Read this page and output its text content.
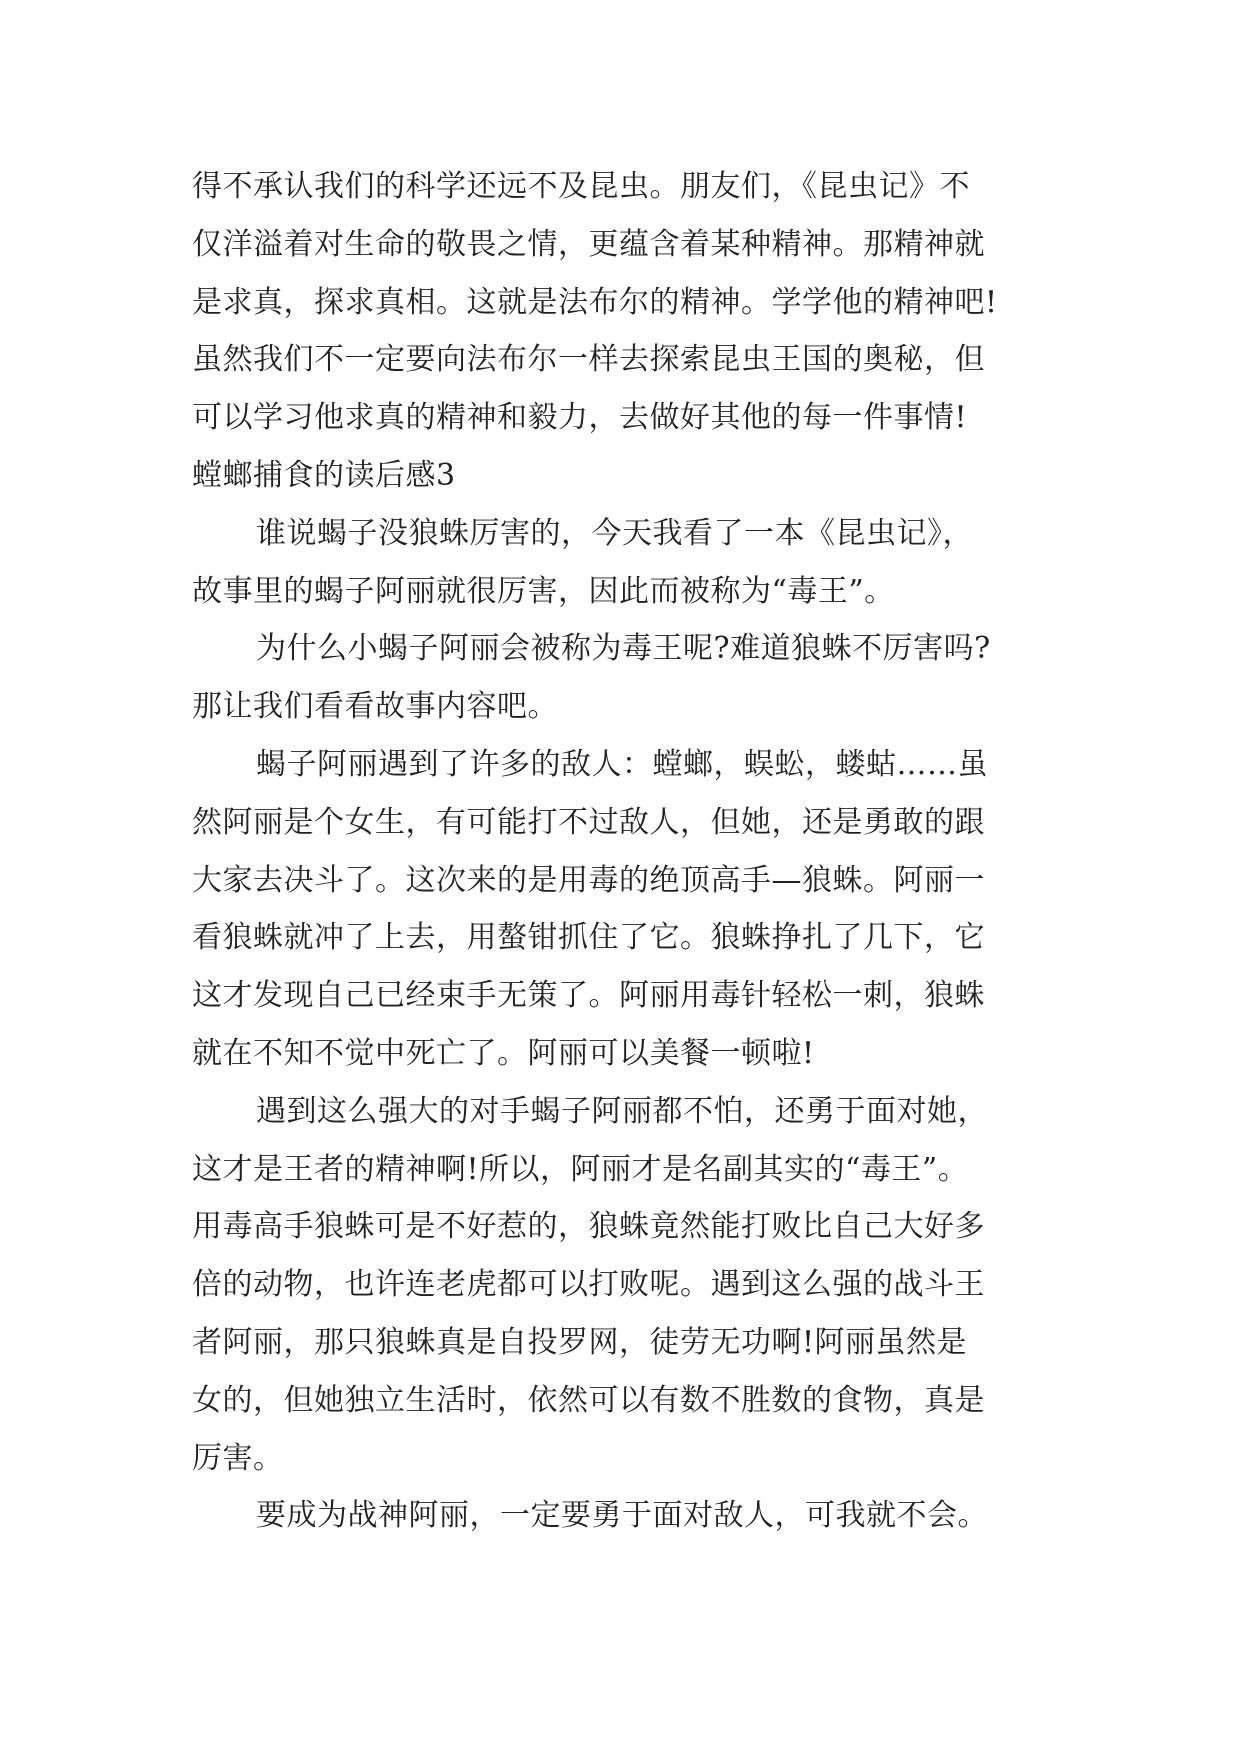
得不承认我们的科学还远不及昆虫。朋友们，《昆虫记》不
仅洋溢着对生命的敬畏之情，更蕴含着某种精神。那精神就
是求真，探求真相。这就是法布尔的精神。学学他的精神吧!
虽然我们不一定要向法布尔一样去探索昆虫王国的奥秘，但
可以学习他求真的精神和毅力，去做好其他的每一件事情!
螳螂捕食的读后感3
谁说蝎子没狼蛛厉害的，今天我看了一本《昆虫记》，
故事里的蝎子阿丽就很厉害，因此而被称为“毒王”。
为什么小蝎子阿丽会被称为毒王呢?难道狼蛛不厉害吗?
那让我们看看故事内容吧。
蝎子阿丽遇到了许多的敌人：螳螂，蜈蚣，蝼蛄……虽
然阿丽是个女生，有可能打不过敌人，但她，还是勇敢的跟
大家去决斗了。这次来的是用毒的绝顶高手—狼蛛。阿丽一
看狼蛛就冲了上去，用螯钳抓住了它。狼蛛挣扎了几下，它
这才发现自己已经束手无策了。阿丽用毒针轻松一刺，狼蛛
就在不知不觉中死亡了。阿丽可以美餐一顿啦!
遇到这么强大的对手蝎子阿丽都不怕，还勇于面对她，
这才是王者的精神啊!所以，阿丽才是名副其实的“毒王”。
用毒高手狼蛛可是不好惹的，狼蛛竟然能打败比自己大好多
倍的动物，也许连老虎都可以打败呢。遇到这么强的战斗王
者阿丽，那只狼蛛真是自投罗网，徒劳无功啊!阿丽虽然是
女的，但她独立生活时，依然可以有数不胜数的食物，真是
厉害。
要成为战神阿丽，一定要勇于面对敌人，可我就不会。
